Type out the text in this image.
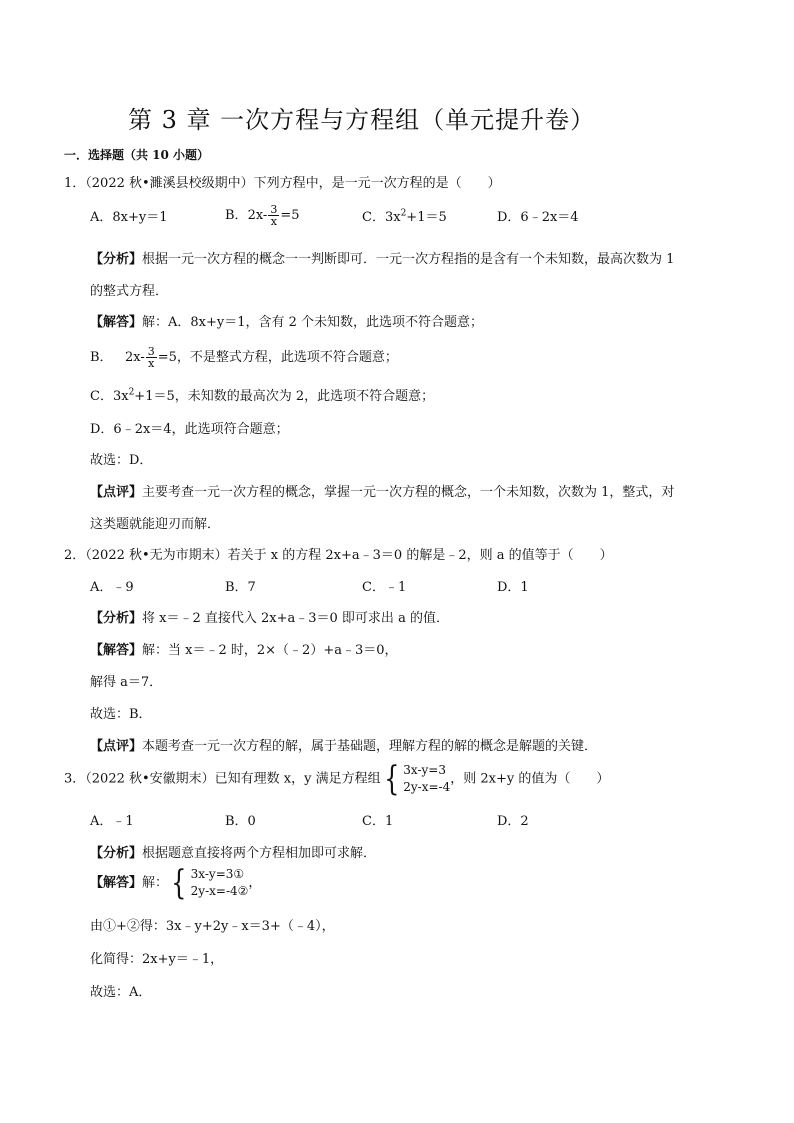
第 3 章 一次方程与方程组（单元提升卷）
一．选择题（共 10 小题）
1．（2022 秋•濉溪县校级期中）下列方程中，是一元一次方程的是（　　）
A．8x+y＝1	B．$2x- \frac{3}{x} =5$	C．$3x^2+1=5$	D．6﹣2x＝4
【分析】根据一元一次方程的概念一一判断即可．一元一次方程指的是含有一个未知数，最高次数为 1
的整式方程．
【解答】解：A．8x+y＝1，含有 2 个未知数，此选项不符合题意；
B． $2x- \frac{3}{x} =5$，不是整式方程，此选项不符合题意；
C．$3x^2+1=5$，未知数的最高次为 2，此选项不符合题意；
D．6﹣2x＝4，此选项符合题意；
故选：D．
【点评】主要考查一元一次方程的概念，掌握一元一次方程的概念，一个未知数，次数为 1，整式，对
这类题就能迎刃而解．
2．（2022 秋•无为市期末）若关于 x 的方程 2x+a﹣3＝0 的解是﹣2，则 a 的值等于（　　）
A．﹣9	B．7	C．﹣1	D．1
【分析】将 x＝﹣2 直接代入 2x+a﹣3＝0 即可求出 a 的值．
【解答】解：当 x＝﹣2 时，2×（﹣2）+a﹣3＝0，
解得 a＝7．
故选：B．
【点评】本题考查一元一次方程的解，属于基础题，理解方程的解的概念是解题的关键．
3．（2022 秋•安徽期末）已知有理数 x，y 满足方程组 { 3x-y=3
2y-x=-4
，则 2x+y 的值为（　　）
A．﹣1	B．0	C．1	D．2
【分析】根据题意直接将两个方程相加即可求解．
【解答】解： { 3x-y=3①
2y-x=-4②
，
由①+②得：3x﹣y+2y﹣x＝3+（﹣4），
化简得：2x+y＝﹣1，
故选：A．
